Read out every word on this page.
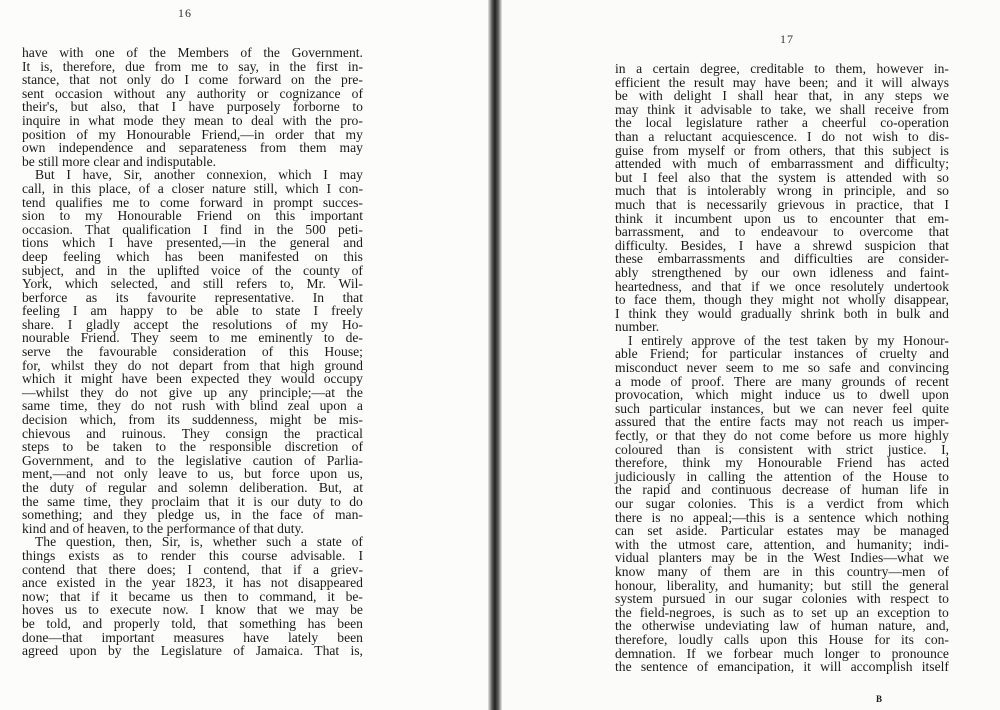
16
have with one of the Members of the Government.
It is, therefore, due from me to say, in the first in-
stance, that not only do I come forward on the pre-
sent occasion without any authority or cognizance of
their's, but also, that I have purposely forborne to
inquire in what mode they mean to deal with the pro-
position of my Honourable Friend,—in order that my
own independence and separateness from them may
be still more clear and indisputable.
But I have, Sir, another connexion, which I may
call, in this place, of a closer nature still, which I con-
tend qualifies me to come forward in prompt succes-
sion to my Honourable Friend on this important
occasion. That qualification I find in the 500 peti-
tions which I have presented,—in the general and
deep feeling which has been manifested on this
subject, and in the uplifted voice of the county of
York, which selected, and still refers to, Mr. Wil-
berforce as its favourite representative. In that
feeling I am happy to be able to state I freely
share. I gladly accept the resolutions of my Ho-
nourable Friend. They seem to me eminently to de-
serve the favourable consideration of this House;
for, whilst they do not depart from that high ground
which it might have been expected they would occupy
—whilst they do not give up any principle;—at the
same time, they do not rush with blind zeal upon a
decision which, from its suddenness, might be mis-
chievous and ruinous. They consign the practical
steps to be taken to the responsible discretion of
Government, and to the legislative caution of Parlia-
ment,—and not only leave to us, but force upon us,
the duty of regular and solemn deliberation. But, at
the same time, they proclaim that it is our duty to do
something; and they pledge us, in the face of man-
kind and of heaven, to the performance of that duty.
The question, then, Sir, is, whether such a state of
things exists as to render this course advisable. I
contend that there does; I contend, that if a griev-
ance existed in the year 1823, it has not disappeared
now; that if it became us then to command, it be-
hoves us to execute now. I know that we may be
be told, and properly told, that something has been
done—that important measures have lately been
agreed upon by the Legislature of Jamaica. That is,
17
in a certain degree, creditable to them, however in-
efficient the result may have been; and it will always
be with delight I shall hear that, in any steps we
may think it advisable to take, we shall receive from
the local legislature rather a cheerful co-operation
than a reluctant acquiescence. I do not wish to dis-
guise from myself or from others, that this subject is
attended with much of embarrassment and difficulty;
but I feel also that the system is attended with so
much that is intolerably wrong in principle, and so
much that is necessarily grievous in practice, that I
think it incumbent upon us to encounter that em-
barrassment, and to endeavour to overcome that
difficulty. Besides, I have a shrewd suspicion that
these embarrassments and difficulties are consider-
ably strengthened by our own idleness and faint-
heartedness, and that if we once resolutely undertook
to face them, though they might not wholly disappear,
I think they would gradually shrink both in bulk and
number.
I entirely approve of the test taken by my Honour-
able Friend; for particular instances of cruelty and
misconduct never seem to me so safe and convincing
a mode of proof. There are many grounds of recent
provocation, which might induce us to dwell upon
such particular instances, but we can never feel quite
assured that the entire facts may not reach us imper-
fectly, or that they do not come before us more highly
coloured than is consistent with strict justice. I,
therefore, think my Honourable Friend has acted
judiciously in calling the attention of the House to
the rapid and continuous decrease of human life in
our sugar colonies. This is a verdict from which
there is no appeal;—this is a sentence which nothing
can set aside. Particular estates may be managed
with the utmost care, attention, and humanity; indi-
vidual planters may be in the West Indies—what we
know many of them are in this country—men of
honour, liberality, and humanity; but still the general
system pursued in our sugar colonies with respect to
the field-negroes, is such as to set up an exception to
the otherwise undeviating law of human nature, and,
therefore, loudly calls upon this House for its con-
demnation. If we forbear much longer to pronounce
the sentence of emancipation, it will accomplish itself
B
